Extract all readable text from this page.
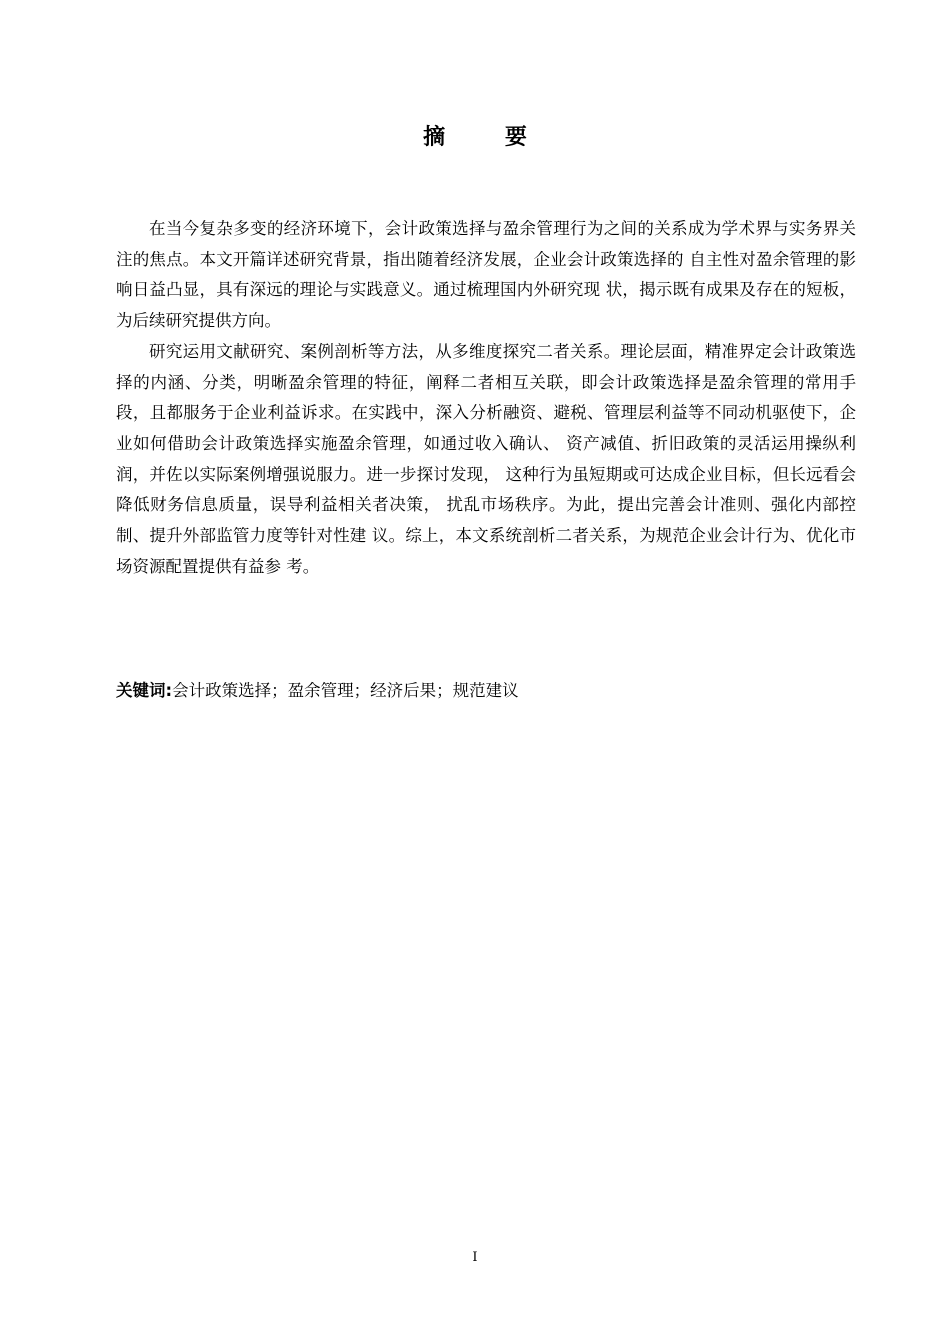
摘 要

在当今复杂多变的经济环境下，会计政策选择与盈余管理行为之间的关系成为学术界与实务界关注的焦点。本文开篇详述研究背景，指出随着经济发展，企业会计政策选择的 自主性对盈余管理的影响日益凸显，具有深远的理论与实践意义。通过梳理国内外研究现 状，揭示既有成果及存在的短板，为后续研究提供方向。

研究运用文献研究、案例剖析等方法，从多维度探究二者关系。理论层面，精准界定会计政策选择的内涵、分类，明晰盈余管理的特征，阐释二者相互关联，即会计政策选择是盈余管理的常用手段，且都服务于企业利益诉求。在实践中，深入分析融资、避税、管理层利益等不同动机驱使下，企业如何借助会计政策选择实施盈余管理，如通过收入确认、 资产减值、折旧政策的灵活运用操纵利润，并佐以实际案例增强说服力。进一步探讨发现， 这种行为虽短期或可达成企业目标，但长远看会降低财务信息质量，误导利益相关者决策， 扰乱市场秩序。为此，提出完善会计准则、强化内部控制、提升外部监管力度等针对性建 议。综上，本文系统剖析二者关系，为规范企业会计行为、优化市场资源配置提供有益参 考。

关键词:会计政策选择；盈余管理；经济后果；规范建议
I
